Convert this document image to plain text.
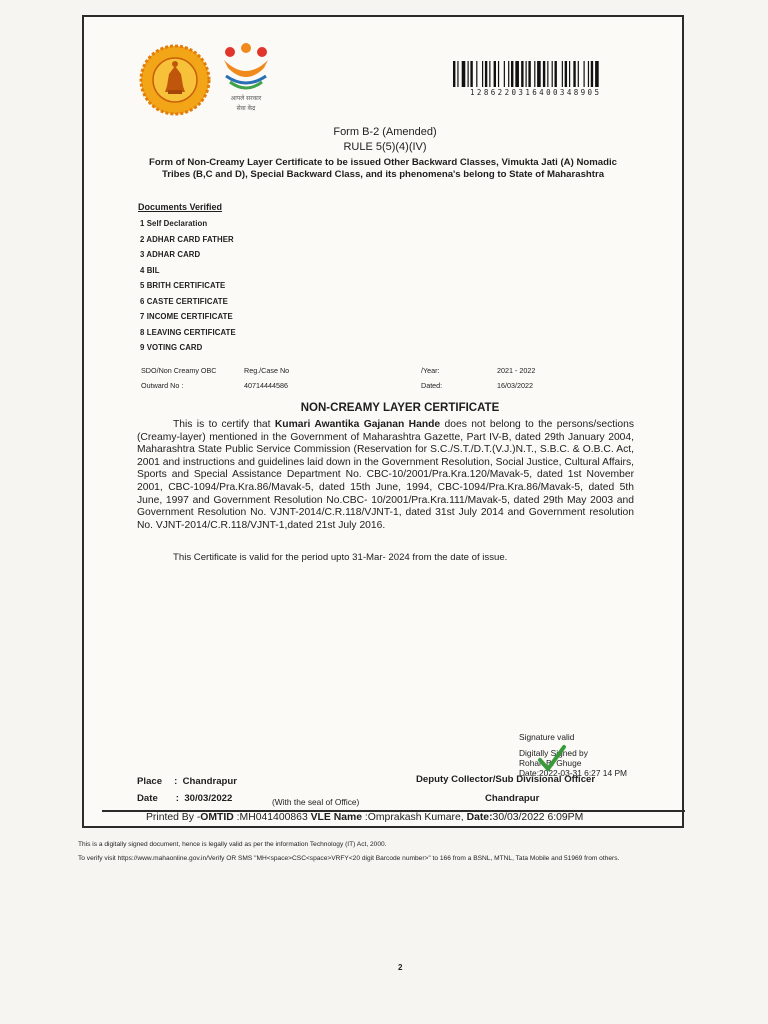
आपले सरकार
सेवा केंद्र
1286220316400348905
Form B-2 (Amended)
RULE 5(5)(4)(IV)
Form of Non-Creamy Layer Certificate to be issued Other Backward Classes, Vimukta Jati (A) Nomadic Tribes (B,C and D), Special Backward Class, and its phenomena's belong to State of Maharashtra
Documents Verified
1 Self Declaration
2 ADHAR CARD FATHER
3 ADHAR CARD
4 BIL
5 BRITH CERTIFICATE
6 CASTE CERTIFICATE
7 INCOME CERTIFICATE
8 LEAVING CERTIFICATE
9 VOTING CARD
SDO/Non Creamy OBC	Reg./Case No	/Year:	2021 - 2022
Outward No :	40714444586	Dated:	16/03/2022
NON-CREAMY LAYER CERTIFICATE
This is to certify that Kumari Awantika Gajanan Hande does not belong to the persons/sections (Creamy-layer) mentioned in the Government of Maharashtra Gazette, Part IV-B, dated 29th January 2004, Maharashtra State Public Service Commission (Reservation for S.C./S.T./D.T.(V.J.)N.T., S.B.C. & O.B.C. Act, 2001 and instructions and guidelines laid down in the Government Resolution, Social Justice, Cultural Affairs, Sports and Special Assistance Department No. CBC-10/2001/Pra.Kra.120/Mavak-5, dated 1st November 2001, CBC-1094/Pra.Kra.86/Mavak-5, dated 15th June, 1994, CBC-1094/Pra.Kra.86/Mavak-5, dated 5th June, 1997 and Government Resolution No.CBC- 10/2001/Pra.Kra.111/Mavak-5, dated 29th May 2003 and Government Resolution No. VJNT-2014/C.R.118/VJNT-1, dated 31st July 2014 and Government resolution No. VJNT-2014/C.R.118/VJNT-1,dated 21st July 2016.
This Certificate is valid for the period upto 31-Mar- 2024 from the date of issue.
Signature valid
Digitally Signed by
Rohan B. Ghuge
Date:2022-03-31 6:27 14 PM
Place :  Chandrapur
Date :  30/03/2022	(With the seal of Office)
Deputy Collector/Sub Divisional Officer
Chandrapur
Printed By -OMTID :MH041400863 VLE Name :Omprakash Kumare, Date:30/03/2022 6:09PM
This is a digitally signed document, hence is legally valid as per the information Technology (IT) Act, 2000.
To verify visit https://www.mahaonline.gov.in/Verify OR SMS "MH<space>CSC<space>VRFY<20 digit Barcode number>" to 166 from a BSNL, MTNL, Tata Mobile and 51969 from others.
2
